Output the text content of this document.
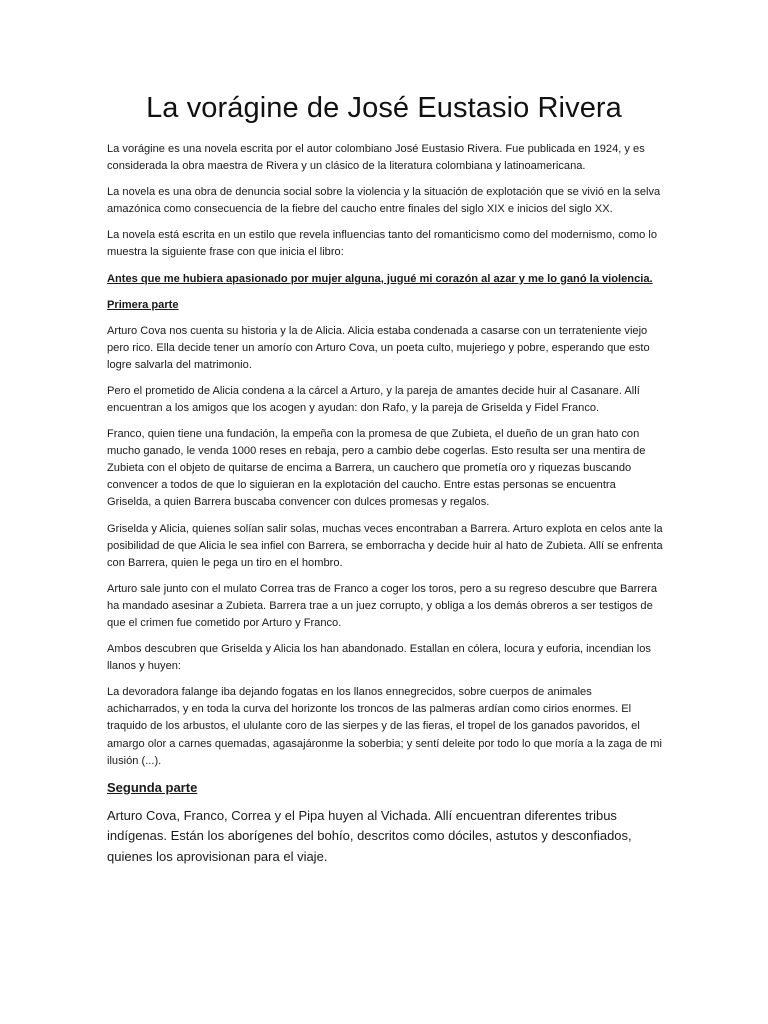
La vorágine de José Eustasio Rivera

La vorágine es una novela escrita por el autor colombiano José Eustasio Rivera. Fue publicada en 1924, y es considerada la obra maestra de Rivera y un clásico de la literatura colombiana y latinoamericana.

La novela es una obra de denuncia social sobre la violencia y la situación de explotación que se vivió en la selva amazónica como consecuencia de la fiebre del caucho entre finales del siglo XIX e inicios del siglo XX.

La novela está escrita en un estilo que revela influencias tanto del romanticismo como del modernismo, como lo muestra la siguiente frase con que inicia el libro:

Antes que me hubiera apasionado por mujer alguna, jugué mi corazón al azar y me lo ganó la violencia.

Primera parte

Arturo Cova nos cuenta su historia y la de Alicia. Alicia estaba condenada a casarse con un terrateniente viejo pero rico. Ella decide tener un amorío con Arturo Cova, un poeta culto, mujeriego y pobre, esperando que esto logre salvarla del matrimonio.

Pero el prometido de Alicia condena a la cárcel a Arturo, y la pareja de amantes decide huir al Casanare. Allí encuentran a los amigos que los acogen y ayudan: don Rafo, y la pareja de Griselda y Fidel Franco.

Franco, quien tiene una fundación, la empeña con la promesa de que Zubieta, el dueño de un gran hato con mucho ganado, le venda 1000 reses en rebaja, pero a cambio debe cogerlas. Esto resulta ser una mentira de Zubieta con el objeto de quitarse de encima a Barrera, un cauchero que prometía oro y riquezas buscando convencer a todos de que lo siguieran en la explotación del caucho. Entre estas personas se encuentra Griselda, a quien Barrera buscaba convencer con dulces promesas y regalos.

Griselda y Alicia, quienes solían salir solas, muchas veces encontraban a Barrera. Arturo explota en celos ante la posibilidad de que Alicia le sea infiel con Barrera, se emborracha y decide huir al hato de Zubieta. Allí se enfrenta con Barrera, quien le pega un tiro en el hombro.

Arturo sale junto con el mulato Correa tras de Franco a coger los toros, pero a su regreso descubre que Barrera ha mandado asesinar a Zubieta. Barrera trae a un juez corrupto, y obliga a los demás obreros a ser testigos de que el crimen fue cometido por Arturo y Franco.

Ambos descubren que Griselda y Alicia los han abandonado. Estallan en cólera, locura y euforia, incendian los llanos y huyen:

La devoradora falange iba dejando fogatas en los llanos ennegrecidos, sobre cuerpos de animales achicharrados, y en toda la curva del horizonte los troncos de las palmeras ardían como cirios enormes. El traquido de los arbustos, el ululante coro de las sierpes y de las fieras, el tropel de los ganados pavoridos, el amargo olor a carnes quemadas, agasajáronme la soberbia; y sentí deleite por todo lo que moría a la zaga de mi ilusión (...).

Segunda parte

Arturo Cova, Franco, Correa y el Pipa huyen al Vichada. Allí encuentran diferentes tribus indígenas. Están los aborígenes del bohío, descritos como dóciles, astutos y desconfiados, quienes los aprovisionan para el viaje.
